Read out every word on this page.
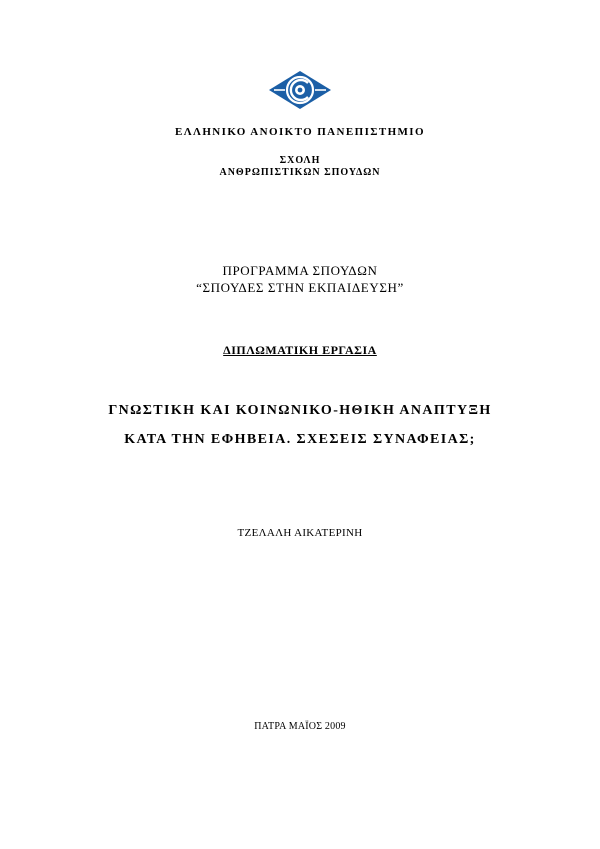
ΕΛΛΗΝΙΚΟ ΑΝΟΙΚΤΟ ΠΑΝΕΠΙΣΤΗΜΙΟ
ΣΧΟΛΗ
ΑΝΘΡΩΠΙΣΤΙΚΩΝ ΣΠΟΥΔΩΝ
ΠΡΟΓΡΑΜΜΑ ΣΠΟΥΔΩΝ
“ΣΠΟΥΔΕΣ ΣΤΗΝ ΕΚΠΑΙΔΕΥΣΗ”
ΔΙΠΛΩΜΑΤΙΚΗ ΕΡΓΑΣΙΑ
ΓΝΩΣΤΙΚΗ ΚΑΙ ΚΟΙΝΩΝΙΚΟ-ΗΘΙΚΗ ΑΝΑΠΤΥΞΗ
ΚΑΤΑ ΤΗΝ ΕΦΗΒΕΙΑ. ΣΧΕΣΕΙΣ ΣΥΝΑΦΕΙΑΣ;
ΤΖΕΛΑΛΗ ΑΙΚΑΤΕΡΙΝΗ
ΠΑΤΡΑ ΜΑΪΟΣ 2009
